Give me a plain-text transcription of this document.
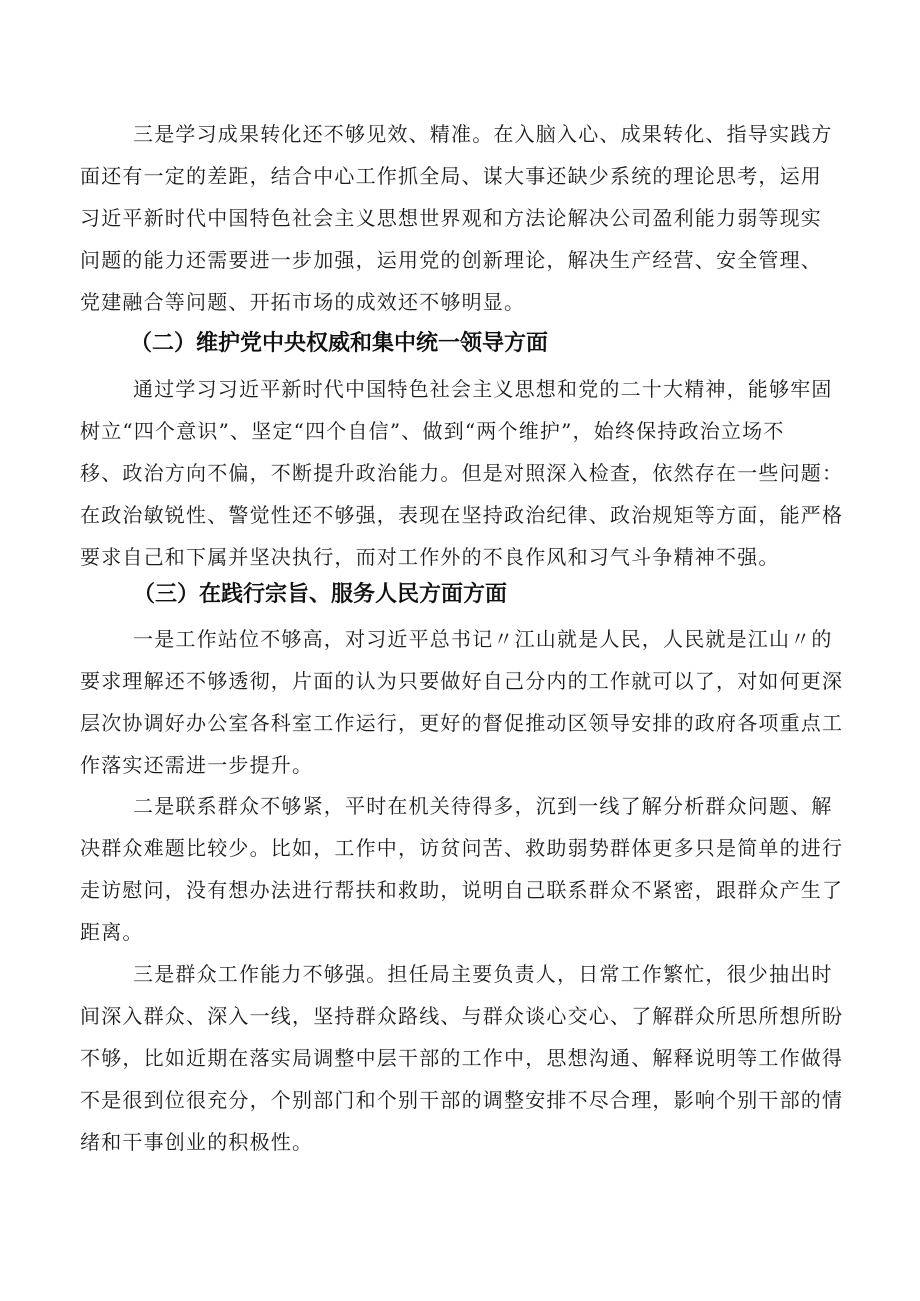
三是学习成果转化还不够见效、精准。在入脑入心、成果转化、指导实践方

面还有一定的差距，结合中心工作抓全局、谋大事还缺少系统的理论思考，运用

习近平新时代中国特色社会主义思想世界观和方法论解决公司盈利能力弱等现实

问题的能力还需要进一步加强，运用党的创新理论，解决生产经营、安全管理、

党建融合等问题、开拓市场的成效还不够明显。

（二）维护党中央权威和集中统一领导方面

通过学习习近平新时代中国特色社会主义思想和党的二十大精神，能够牢固

树立“四个意识”、坚定“四个自信”、做到“两个维护”，始终保持政治立场不

移、政治方向不偏，不断提升政治能力。但是对照深入检查，依然存在一些问题：

在政治敏锐性、警觉性还不够强，表现在坚持政治纪律、政治规矩等方面，能严格

要求自己和下属并坚决执行，而对工作外的不良作风和习气斗争精神不强。

（三）在践行宗旨、服务人民方面方面

一是工作站位不够高，对习近平总书记〃江山就是人民，人民就是江山〃的

要求理解还不够透彻，片面的认为只要做好自己分内的工作就可以了，对如何更深

层次协调好办公室各科室工作运行，更好的督促推动区领导安排的政府各项重点工

作落实还需进一步提升。

二是联系群众不够紧，平时在机关待得多，沉到一线了解分析群众问题、解

决群众难题比较少。比如，工作中，访贫问苦、救助弱势群体更多只是简单的进行

走访慰问，没有想办法进行帮扶和救助，说明自己联系群众不紧密，跟群众产生了

距离。

三是群众工作能力不够强。担任局主要负责人，日常工作繁忙，很少抽出时

间深入群众、深入一线，坚持群众路线、与群众谈心交心、了解群众所思所想所盼

不够，比如近期在落实局调整中层干部的工作中，思想沟通、解释说明等工作做得

不是很到位很充分，个别部门和个别干部的调整安排不尽合理，影响个别干部的情

绪和干事创业的积极性。
